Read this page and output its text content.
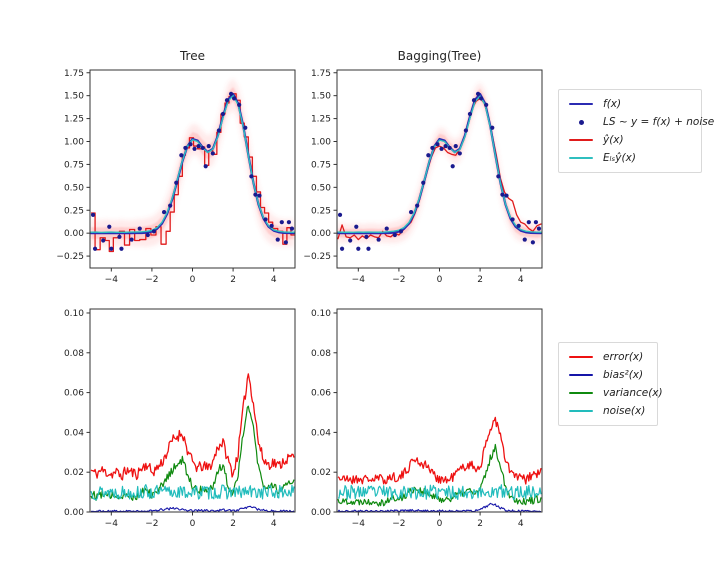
Tree	Bagging(Tree)
−4	−2	0	2	4
1.75
1.50
1.25
1.00
0.75
0.50
0.25
0.00
−0.25
−4	−2	0	2	4
1.75
1.50
1.25
1.00
0.75
0.50
0.25
0.00
−0.25
−4	−2	0	2	4
0.10
0.08
0.06
0.04
0.02
0.00
−4	−2	0	2	4
0.10
0.08
0.06
0.04
0.02
0.00
f(x)
LS ~ y = f(x) + noise
ŷ(x)
Eₗₛŷ(x)
error(x)
bias²(x)
variance(x)
noise(x)
